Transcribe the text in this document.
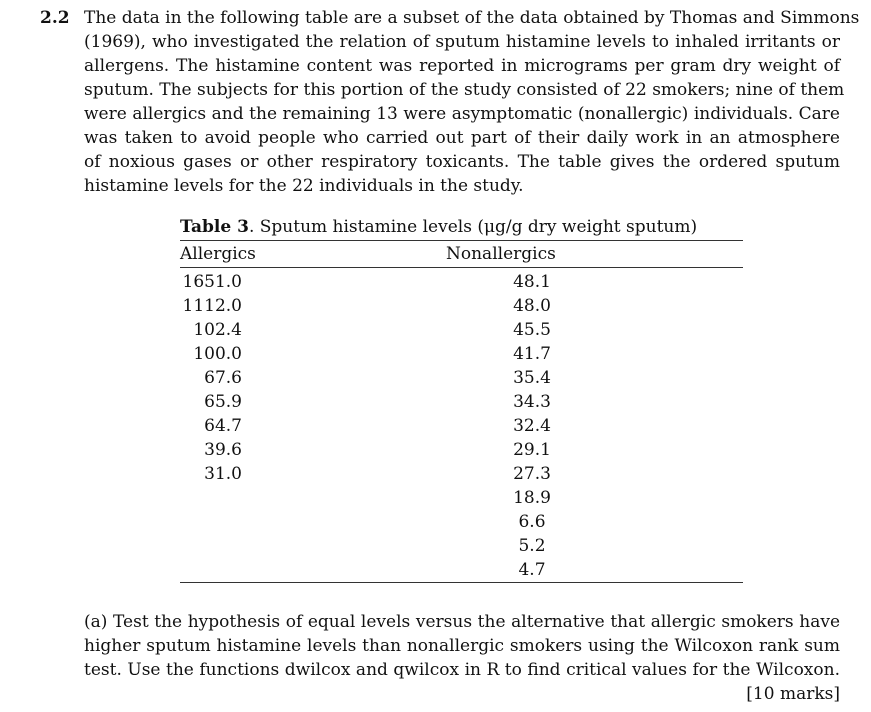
2.2 The data in the following table are a subset of the data obtained by Thomas and Simmons
(1969), who investigated the relation of sputum histamine levels to inhaled irritants or
allergens. The histamine content was reported in micrograms per gram dry weight of
sputum. The subjects for this portion of the study consisted of 22 smokers; nine of them
were allergics and the remaining 13 were asymptomatic (nonallergic) individuals. Care
was taken to avoid people who carried out part of their daily work in an atmosphere
of noxious gases or other respiratory toxicants. The table gives the ordered sputum
histamine levels for the 22 individuals in the study.
Table 3. Sputum histamine levels (μg/g dry weight sputum)
Allergics	Nonallergics
1651.0		48.1	
1112.0		48.0	
102.4		45.5	
100.0		41.7	
67.6		35.4	
65.9		34.3	
64.7		32.4	
39.6		29.1	
31.0		27.3	
		18.9	
		6.6	
		5.2	
		4.7	
(a) Test the hypothesis of equal levels versus the alternative that allergic smokers have
higher sputum histamine levels than nonallergic smokers using the Wilcoxon rank sum
test. Use the functions dwilcox and qwilcox in R to find critical values for the Wilcoxon.
[10 marks]
